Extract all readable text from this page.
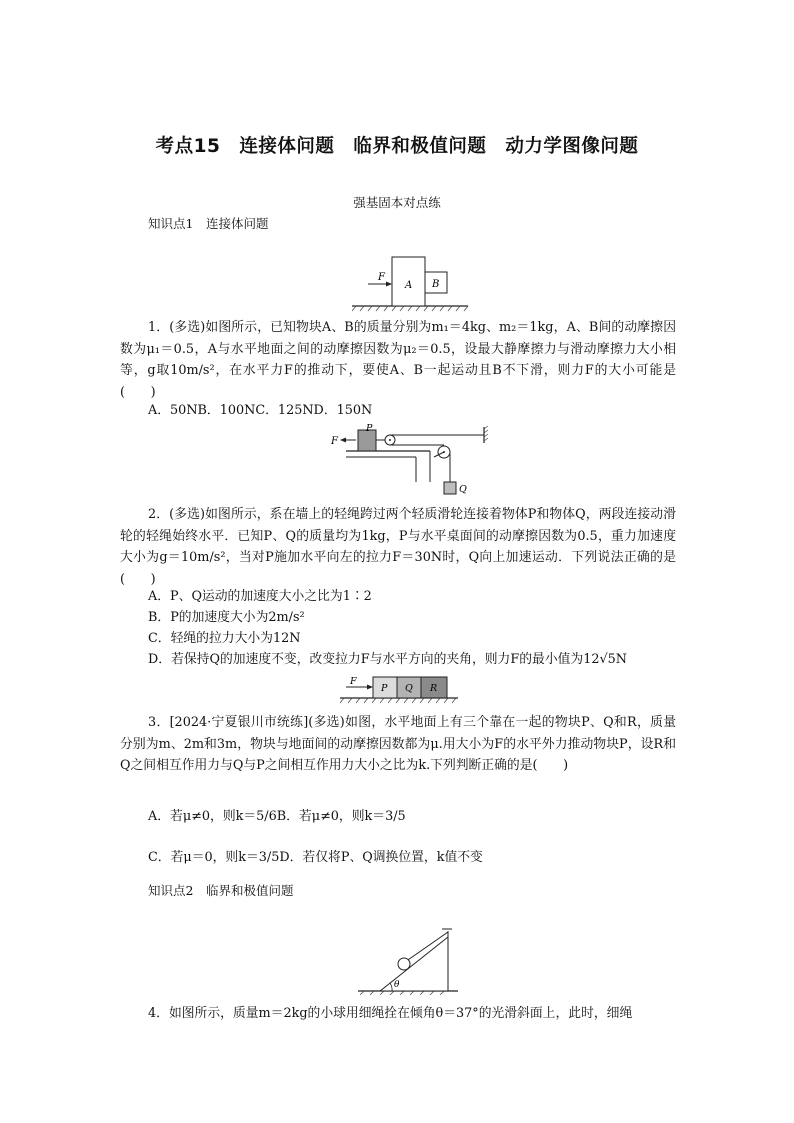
考点15　连接体问题　临界和极值问题　动力学图像问题
强基固本对点练
知识点1　连接体问题
F
A B

1．(多选)如图所示，已知物块A、B的质量分别为m₁＝4kg、m₂＝1kg，A、B间的动摩擦因数为μ₁＝0.5，A与水平地面之间的动摩擦因数为μ₂＝0.5，设最大静摩擦力与滑动摩擦力大小相等，g取10m/s²，在水平力F的推动下，要使A、B一起运动且B不下滑，则力F的大小可能是(　　)

A．50NB．100NC．125ND．150N
F
P
Q

2．(多选)如图所示，系在墙上的轻绳跨过两个轻质滑轮连接着物体P和物体Q，两段连接动滑轮的轻绳始终水平．已知P、Q的质量均为1kg，P与水平桌面间的动摩擦因数为0.5，重力加速度大小为g＝10m/s²，当对P施加水平向左的拉力F＝30N时，Q向上加速运动．下列说法正确的是(　　)

A．P、Q运动的加速度大小之比为1∶2
B．P的加速度大小为2m/s²
C．轻绳的拉力大小为12N
D．若保持Q的加速度不变，改变拉力F与水平方向的夹角，则力F的最小值为12√5N
F
P Q R

3．[2024·宁夏银川市统练](多选)如图，水平地面上有三个靠在一起的物块P、Q和R，质量分别为m、2m和3m，物块与地面间的动摩擦因数都为μ.用大小为F的水平外力推动物块P，设R和Q之间相互作用力与Q与P之间相互作用力大小之比为k.下列判断正确的是(　　)

A．若μ≠0，则k＝5/6B．若μ≠0，则k＝3/5
C．若μ＝0，则k＝3/5D．若仅将P、Q调换位置，k值不变
知识点2　临界和极值问题
θ

4．如图所示，质量m＝2kg的小球用细绳拴在倾角θ＝37°的光滑斜面上，此时，细绳
